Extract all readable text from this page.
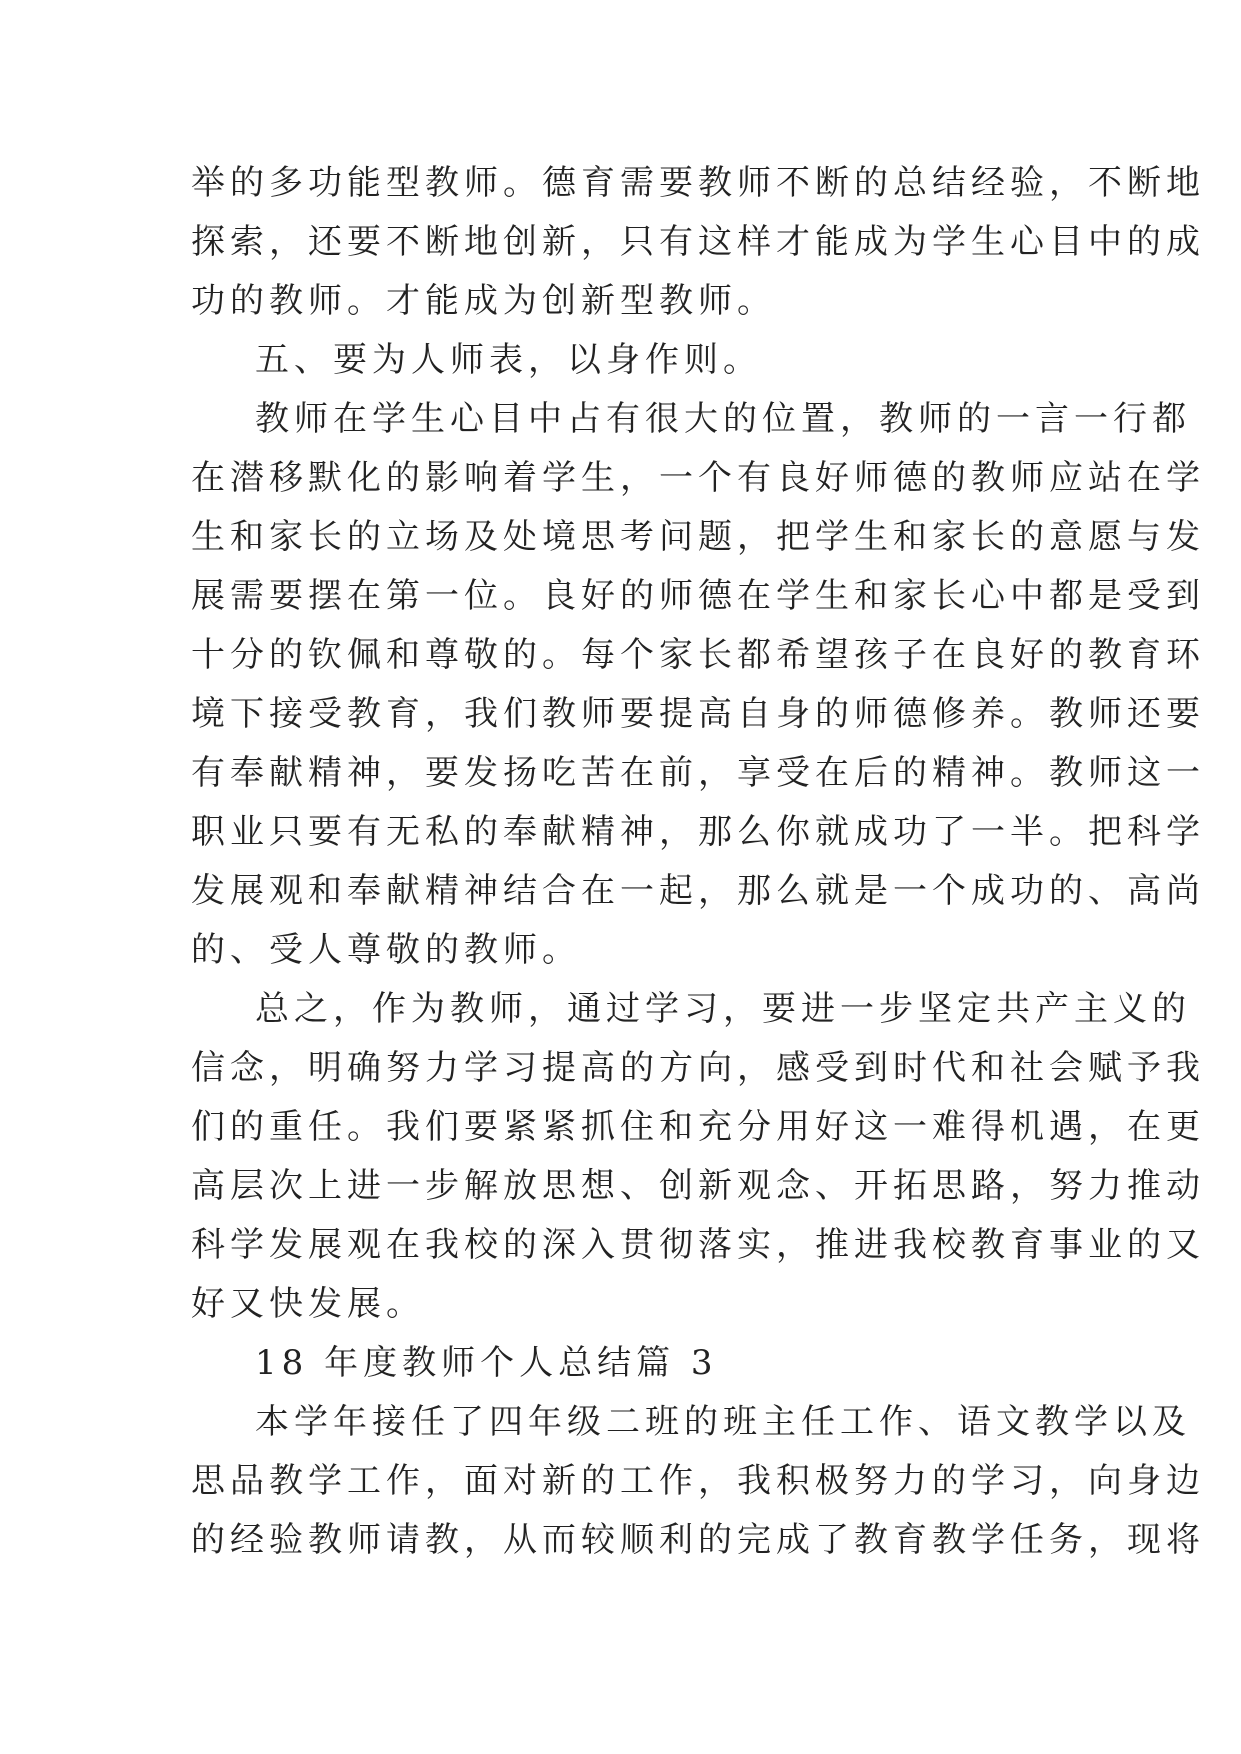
举的多功能型教师。德育需要教师不断的总结经验，不断地
探索，还要不断地创新，只有这样才能成为学生心目中的成
功的教师。才能成为创新型教师。
五、要为人师表，以身作则。
教师在学生心目中占有很大的位置，教师的一言一行都
在潜移默化的影响着学生，一个有良好师德的教师应站在学
生和家长的立场及处境思考问题，把学生和家长的意愿与发
展需要摆在第一位。良好的师德在学生和家长心中都是受到
十分的钦佩和尊敬的。每个家长都希望孩子在良好的教育环
境下接受教育，我们教师要提高自身的师德修养。教师还要
有奉献精神，要发扬吃苦在前，享受在后的精神。教师这一
职业只要有无私的奉献精神，那么你就成功了一半。把科学
发展观和奉献精神结合在一起，那么就是一个成功的、高尚
的、受人尊敬的教师。
总之，作为教师，通过学习，要进一步坚定共产主义的
信念，明确努力学习提高的方向，感受到时代和社会赋予我
们的重任。我们要紧紧抓住和充分用好这一难得机遇，在更
高层次上进一步解放思想、创新观念、开拓思路，努力推动
科学发展观在我校的深入贯彻落实，推进我校教育事业的又
好又快发展。
18 年度教师个人总结篇 3
本学年接任了四年级二班的班主任工作、语文教学以及
思品教学工作，面对新的工作，我积极努力的学习，向身边
的经验教师请教，从而较顺利的完成了教育教学任务，现将
